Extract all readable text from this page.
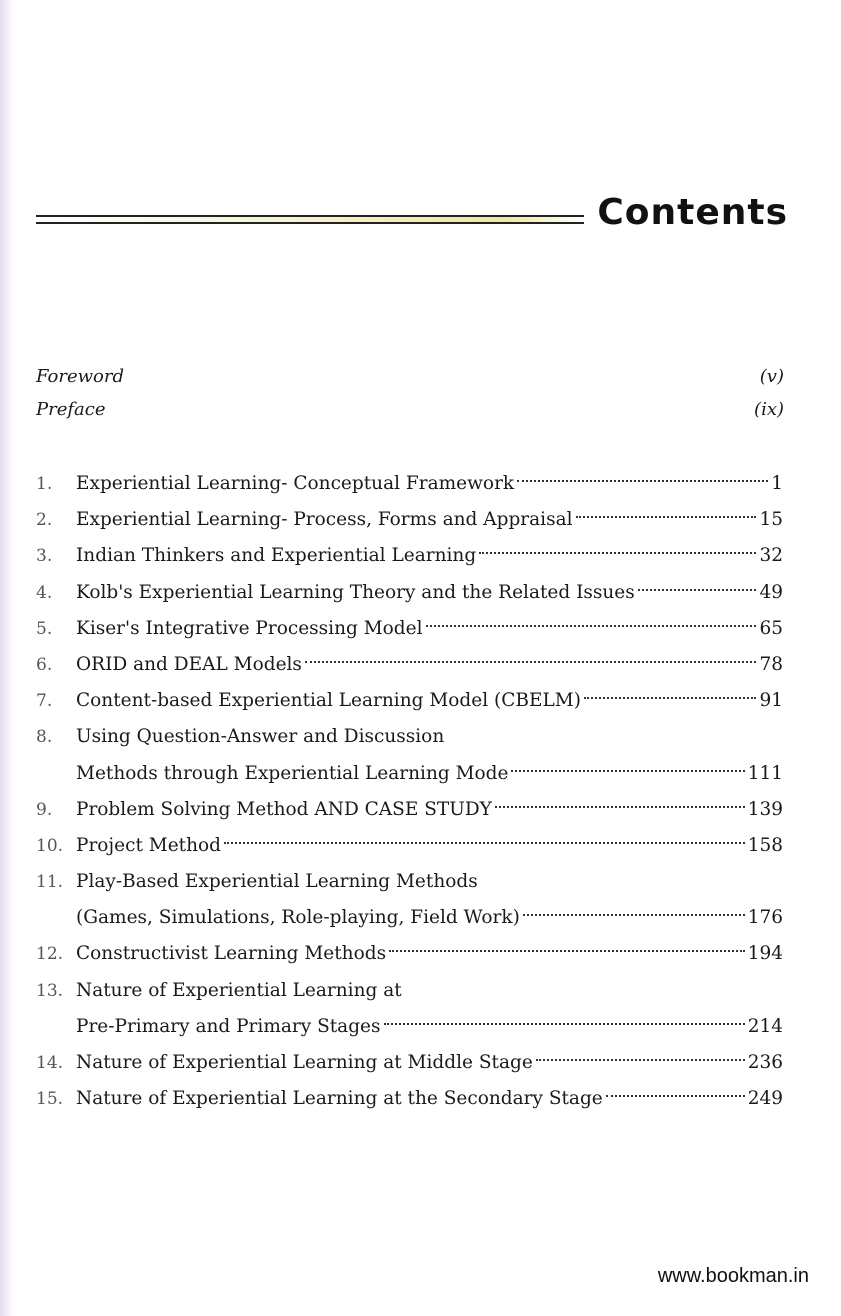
Contents
Foreword	(v)
Preface	(ix)
1.	Experiential Learning- Conceptual Framework	1
2.	Experiential Learning- Process, Forms and Appraisal	15
3.	Indian Thinkers and Experiential Learning	32
4.	Kolb's Experiential Learning Theory and the Related Issues	49
5.	Kiser's Integrative Processing Model	65
6.	ORID and DEAL Models	78
7.	Content-based Experiential Learning Model (CBELM)	91
8.	Using Question-Answer and Discussion
Methods through Experiential Learning Mode	111
9.	Problem Solving Method AND CASE STUDY	139
10. Project Method	158
11. Play-Based Experiential Learning Methods
(Games, Simulations, Role-playing, Field Work)	176
12. Constructivist Learning Methods	194
13. Nature of Experiential Learning at
Pre-Primary and Primary Stages	214
14. Nature of Experiential Learning at Middle Stage	236
15. Nature of Experiential Learning at the Secondary Stage	249
www.bookman.in
